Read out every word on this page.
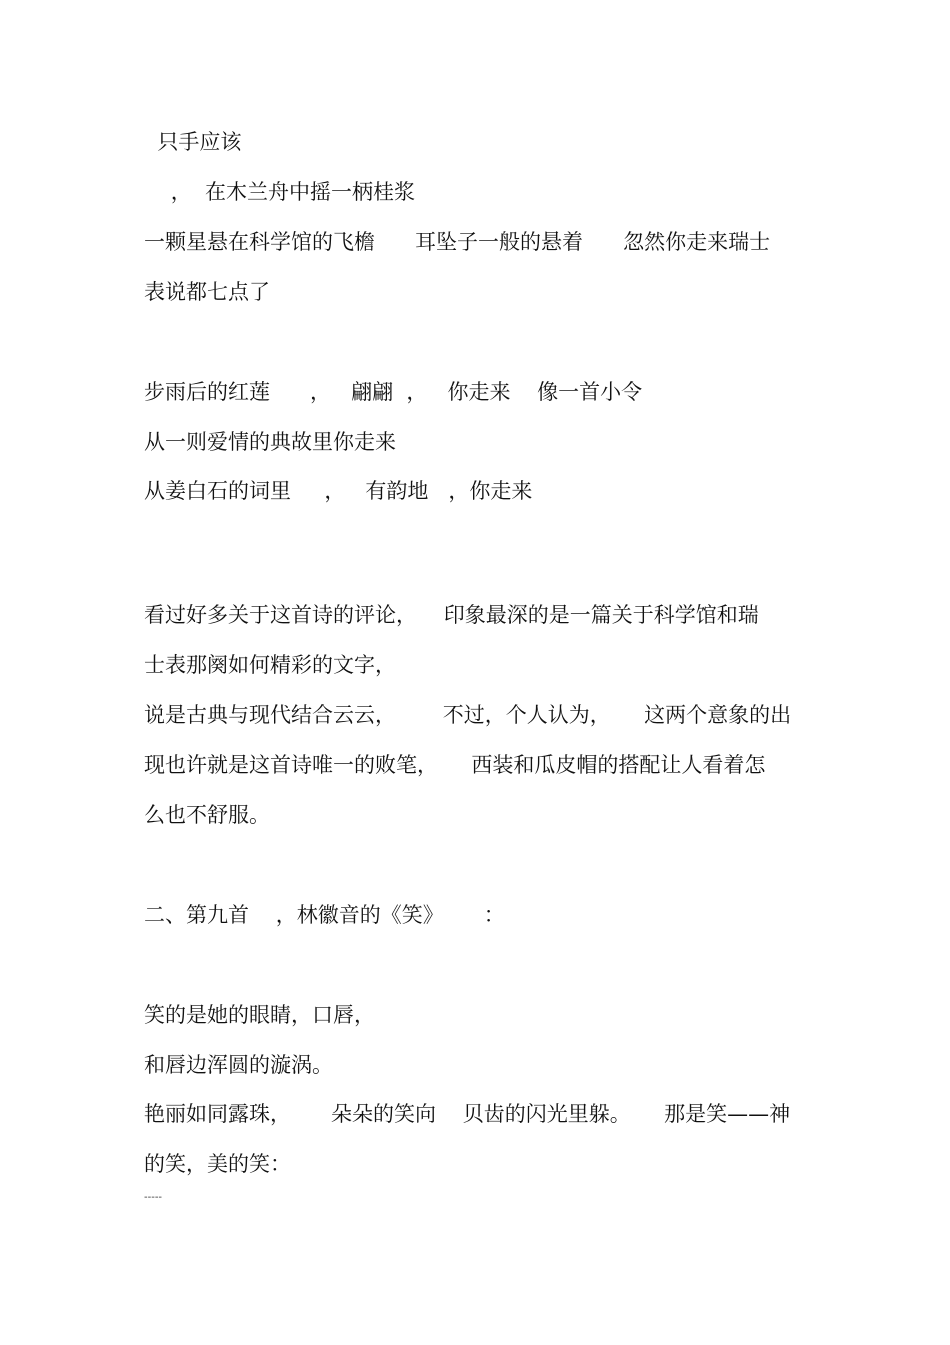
只手应该
，  在木兰舟中摇一柄桂浆
一颗星悬在科学馆的飞檐      耳坠子一般的悬着      忽然你走来瑞士
表说都七点了
步雨后的红莲      ，   翩翩  ，   你走来    像一首小令
从一则爱情的典故里你走来
从姜白石的词里     ，   有韵地   ，你走来
看过好多关于这首诗的评论，    印象最深的是一篇关于科学馆和瑞
士表那阕如何精彩的文字，
说是古典与现代结合云云，       不过，个人认为，     这两个意象的出
现也许就是这首诗唯一的败笔，     西装和瓜皮帽的搭配让人看着怎
么也不舒服。
二、第九首    ，林徽音的《笑》      ：
笑的是她的眼睛，口唇，
和唇边浑圆的漩涡。
艳丽如同露珠，      朵朵的笑向    贝齿的闪光里躲。     那是笑——神
的笑，美的笑：
-----
